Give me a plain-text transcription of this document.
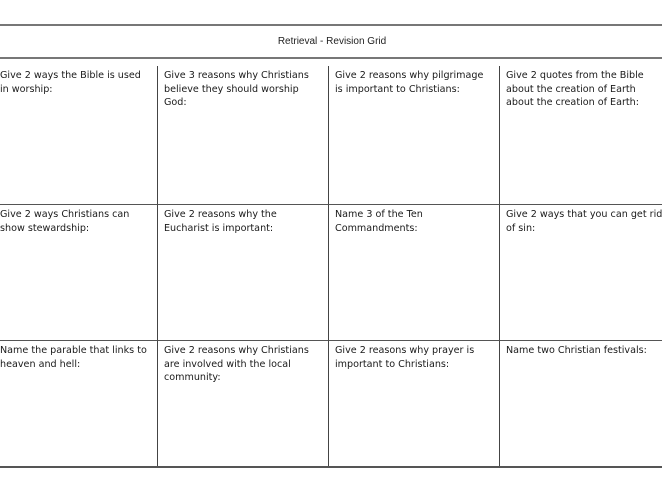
Retrieval - Revision Grid
Give 2 ways the Bible is used in worship:
Give 3 reasons why Christians believe they should worship God:
Give 2 reasons why pilgrimage is important to Christians:
Give 2 quotes from the Bible about the creation of Earth about the creation of Earth:
Give 2 ways Christians can show stewardship:
Give 2 reasons why the Eucharist is important:
Name 3 of the Ten Commandments:
Give 2 ways that you can get rid of sin:
Name the parable that links to heaven and hell:
Give 2 reasons why Christians are involved with the local community:
Give 2 reasons why prayer is important to Christians:
Name two Christian festivals:
